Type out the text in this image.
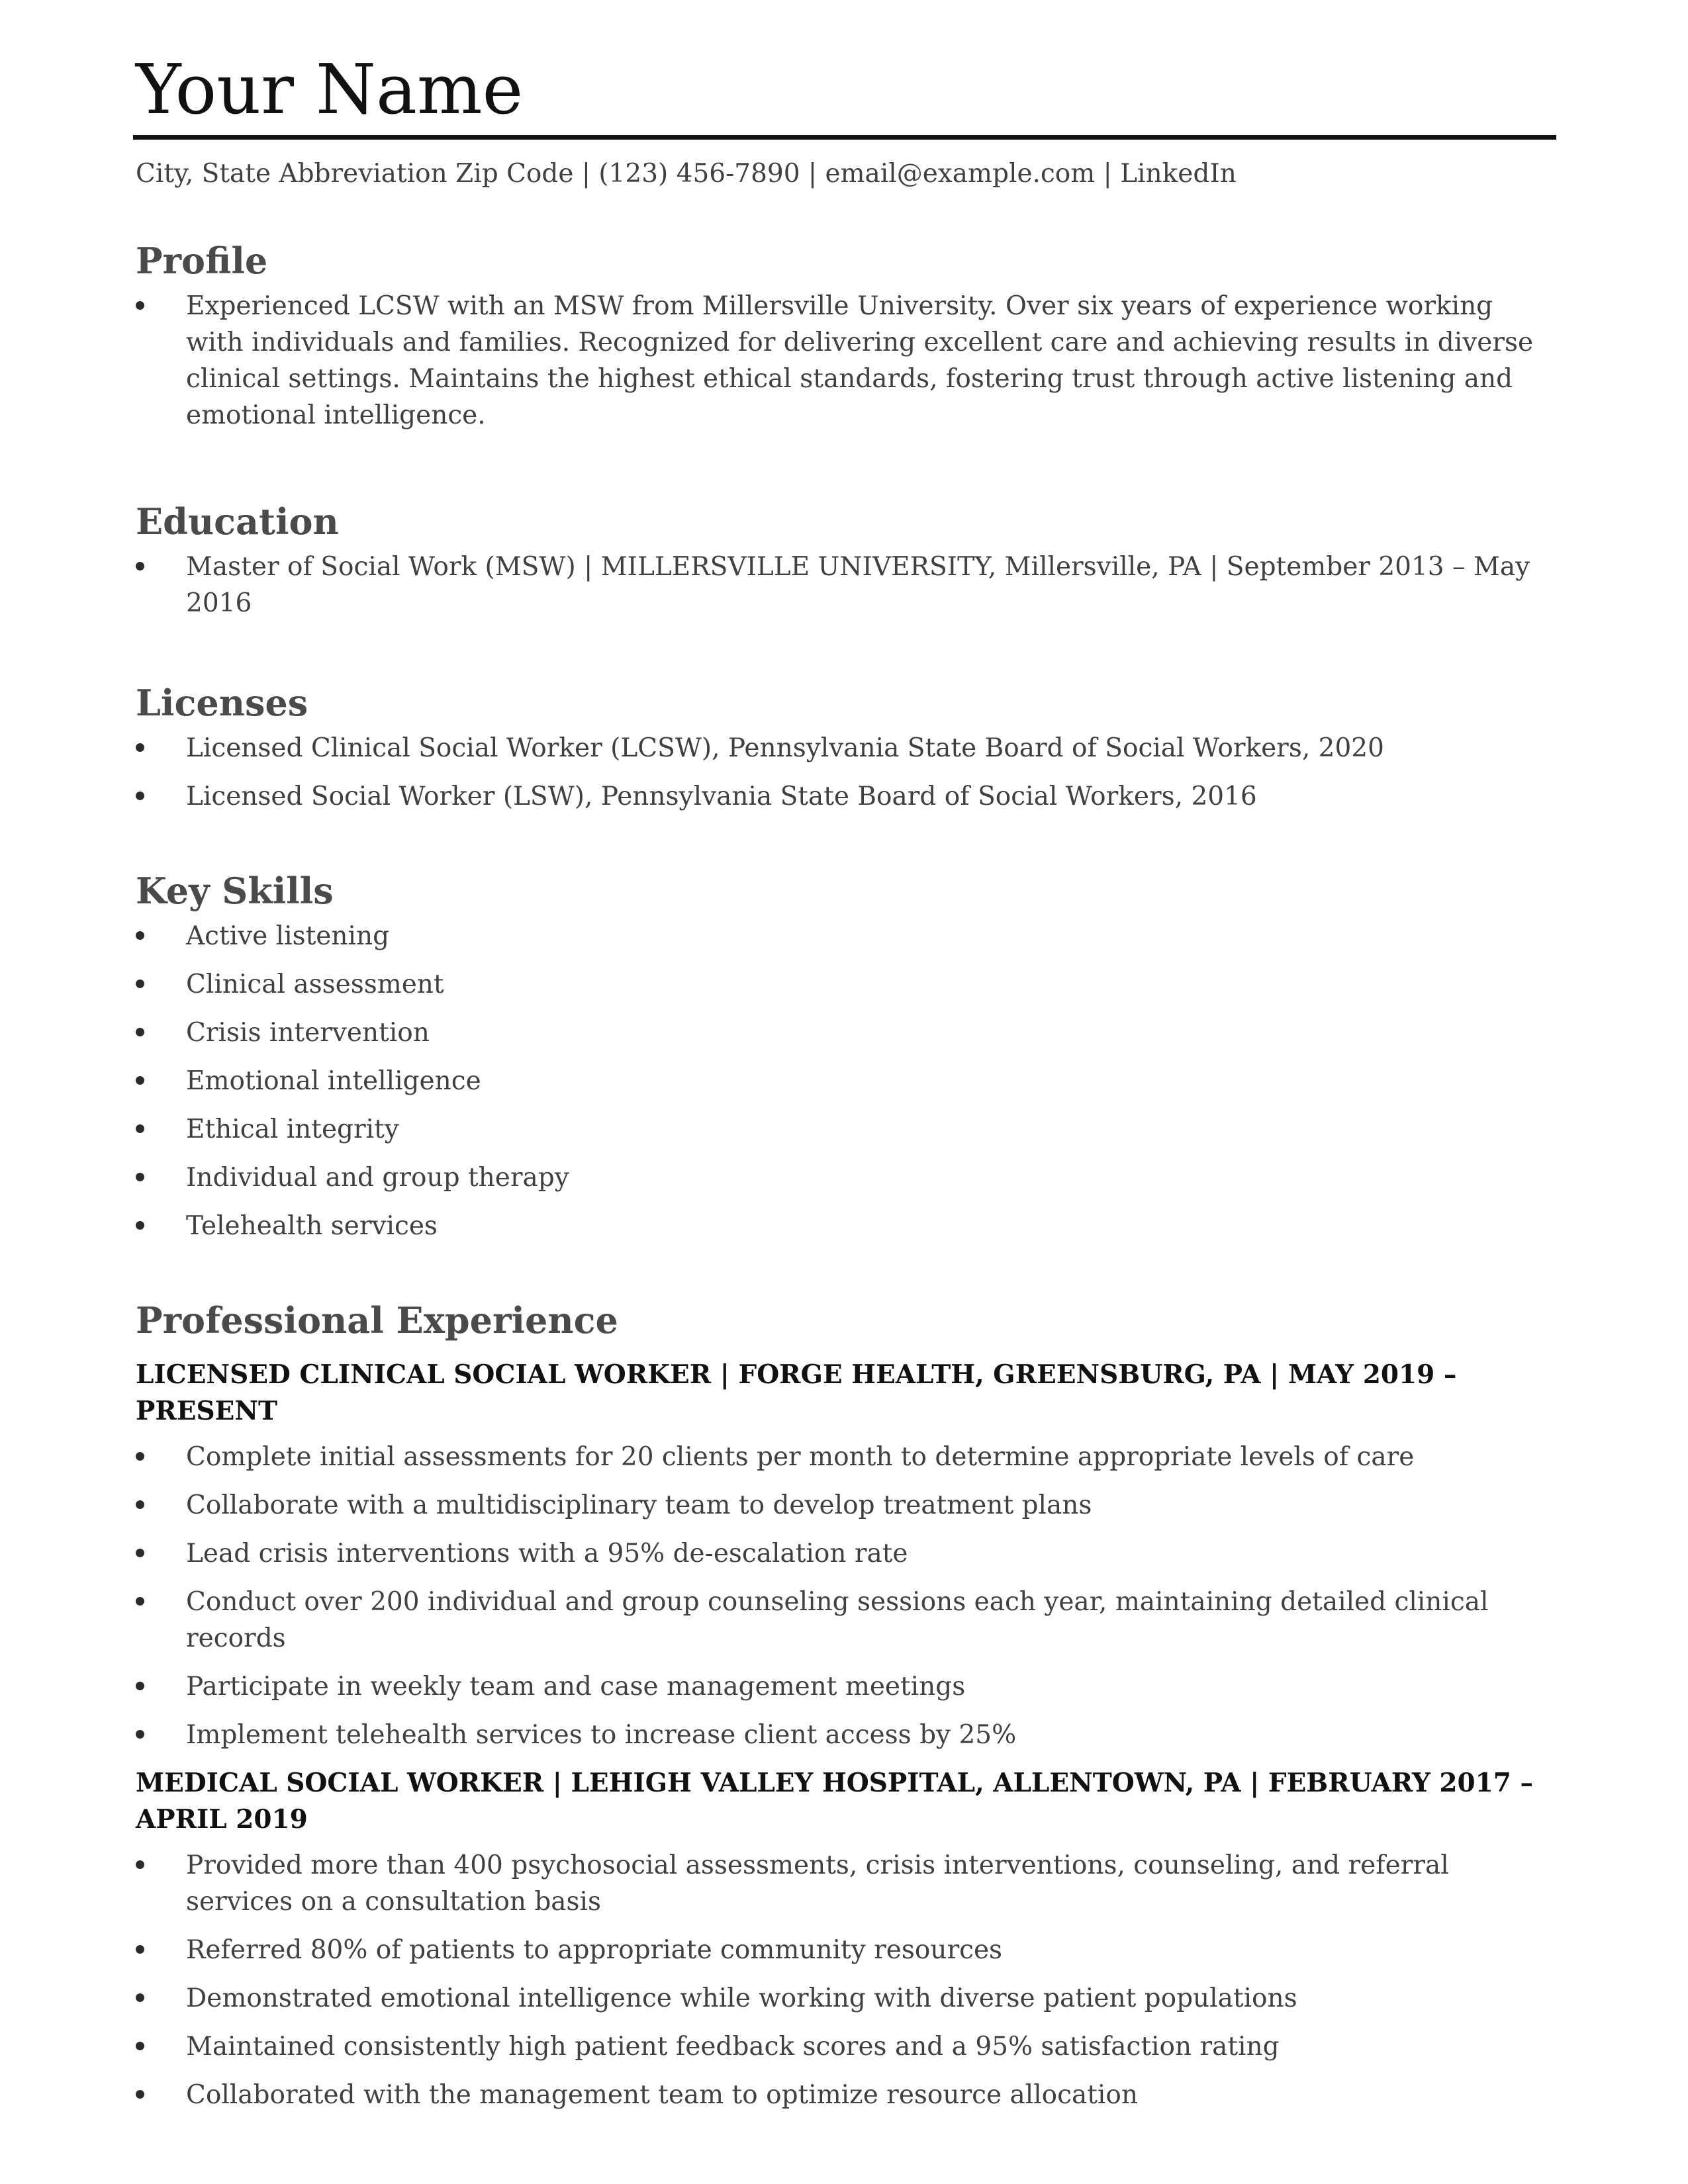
Your Name
City, State Abbreviation Zip Code | (123) 456-7890 | email@example.com | LinkedIn
Profile
Experienced LCSW with an MSW from Millersville University. Over six years of experience working with individuals and families. Recognized for delivering excellent care and achieving results in diverse clinical settings. Maintains the highest ethical standards, fostering trust through active listening and emotional intelligence.
Education
Master of Social Work (MSW) | MILLERSVILLE UNIVERSITY, Millersville, PA | September 2013 – May 2016
Licenses
Licensed Clinical Social Worker (LCSW), Pennsylvania State Board of Social Workers, 2020
Licensed Social Worker (LSW), Pennsylvania State Board of Social Workers, 2016
Key Skills
Active listening
Clinical assessment
Crisis intervention
Emotional intelligence
Ethical integrity
Individual and group therapy
Telehealth services
Professional Experience
LICENSED CLINICAL SOCIAL WORKER | FORGE HEALTH, GREENSBURG, PA | MAY 2019 – PRESENT
Complete initial assessments for 20 clients per month to determine appropriate levels of care
Collaborate with a multidisciplinary team to develop treatment plans
Lead crisis interventions with a 95% de-escalation rate
Conduct over 200 individual and group counseling sessions each year, maintaining detailed clinical records
Participate in weekly team and case management meetings
Implement telehealth services to increase client access by 25%
MEDICAL SOCIAL WORKER | LEHIGH VALLEY HOSPITAL, ALLENTOWN, PA | FEBRUARY 2017 – APRIL 2019
Provided more than 400 psychosocial assessments, crisis interventions, counseling, and referral services on a consultation basis
Referred 80% of patients to appropriate community resources
Demonstrated emotional intelligence while working with diverse patient populations
Maintained consistently high patient feedback scores and a 95% satisfaction rating
Collaborated with the management team to optimize resource allocation
